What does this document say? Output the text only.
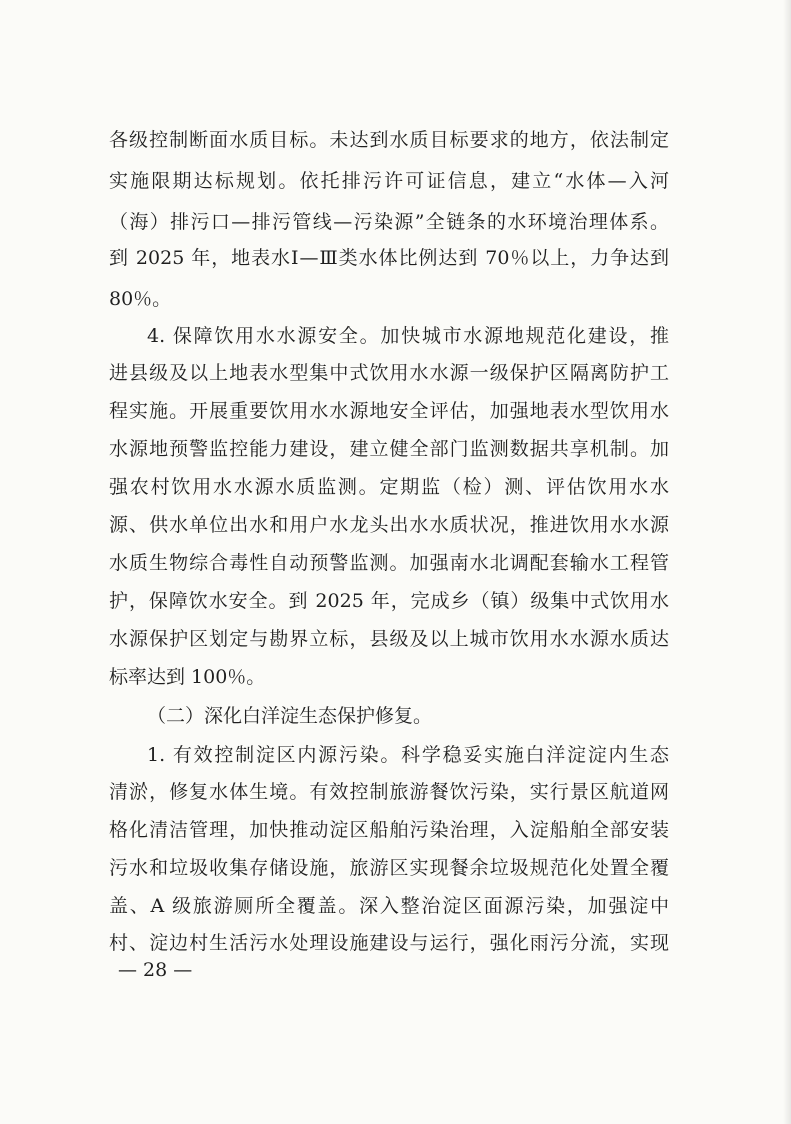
各级控制断面水质目标。未达到水质目标要求的地方，依法制定
实施限期达标规划。依托排污许可证信息，建立“水体—入河
（海）排污口—排污管线—污染源”全链条的水环境治理体系。
到 2025 年，地表水Ⅰ—Ⅲ类水体比例达到 70％以上，力争达到
80％。
4. 保障饮用水水源安全。加快城市水源地规范化建设，推
进县级及以上地表水型集中式饮用水水源一级保护区隔离防护工
程实施。开展重要饮用水水源地安全评估，加强地表水型饮用水
水源地预警监控能力建设，建立健全部门监测数据共享机制。加
强农村饮用水水源水质监测。定期监（检）测、评估饮用水水
源、供水单位出水和用户水龙头出水水质状况，推进饮用水水源
水质生物综合毒性自动预警监测。加强南水北调配套输水工程管
护，保障饮水安全。到 2025 年，完成乡（镇）级集中式饮用水
水源保护区划定与勘界立标，县级及以上城市饮用水水源水质达
标率达到 100％。
（二）深化白洋淀生态保护修复。
1. 有效控制淀区内源污染。科学稳妥实施白洋淀淀内生态
清淤，修复水体生境。有效控制旅游餐饮污染，实行景区航道网
格化清洁管理，加快推动淀区船舶污染治理，入淀船舶全部安装
污水和垃圾收集存储设施，旅游区实现餐余垃圾规范化处置全覆
盖、A 级旅游厕所全覆盖。深入整治淀区面源污染，加强淀中
村、淀边村生活污水处理设施建设与运行，强化雨污分流，实现
— 28 —
